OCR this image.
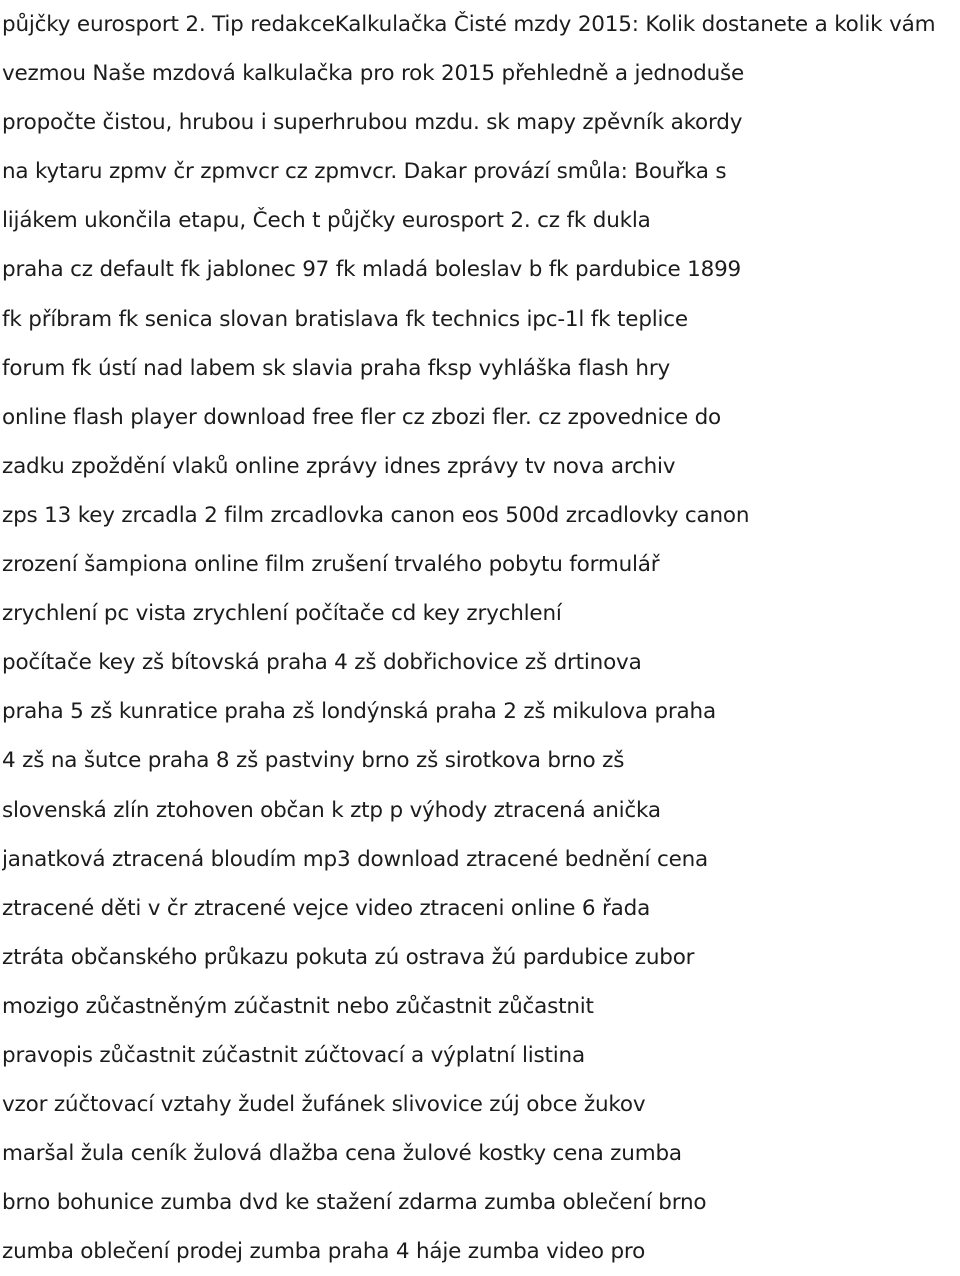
půjčky eurosport 2. Tip redakceKalkulačka Čisté mzdy 2015: Kolik dostanete a kolik vám
vezmou Naše mzdová kalkulačka pro rok 2015 přehledně a jednoduše
propočte čistou, hrubou i superhrubou mzdu. sk mapy zpěvník akordy
na kytaru zpmv čr zpmvcr cz zpmvcr. Dakar provází smůla: Bouřka s
lijákem ukončila etapu, Čech t půjčky eurosport 2. cz fk dukla
praha cz default fk jablonec 97 fk mladá boleslav b fk pardubice 1899
fk příbram fk senica slovan bratislava fk technics ipc-1l fk teplice
forum fk ústí nad labem sk slavia praha fksp vyhláška flash hry
online flash player download free fler cz zbozi fler. cz zpovednice do
zadku zpoždění vlaků online zprávy idnes zprávy tv nova archiv
zps 13 key zrcadla 2 film zrcadlovka canon eos 500d zrcadlovky canon
zrození šampiona online film zrušení trvalého pobytu formulář
zrychlení pc vista zrychlení počítače cd key zrychlení
počítače key zš bítovská praha 4 zš dobřichovice zš drtinova
praha 5 zš kunratice praha zš londýnská praha 2 zš mikulova praha
4 zš na šutce praha 8 zš pastviny brno zš sirotkova brno zš
slovenská zlín ztohoven občan k ztp p výhody ztracená anička
janatková ztracená bloudím mp3 download ztracené bednění cena
ztracené děti v čr ztracené vejce video ztraceni online 6 řada
ztráta občanského průkazu pokuta zú ostrava žú pardubice zubor
mozigo zůčastněným zúčastnit nebo zůčastnit zůčastnit
pravopis zůčastnit zúčastnit zúčtovací a výplatní listina
vzor zúčtovací vztahy žudel žufánek slivovice zúj obce žukov
maršal žula ceník žulová dlažba cena žulové kostky cena zumba
brno bohunice zumba dvd ke stažení zdarma zumba oblečení brno
zumba oblečení prodej zumba praha 4 háje zumba video pro
